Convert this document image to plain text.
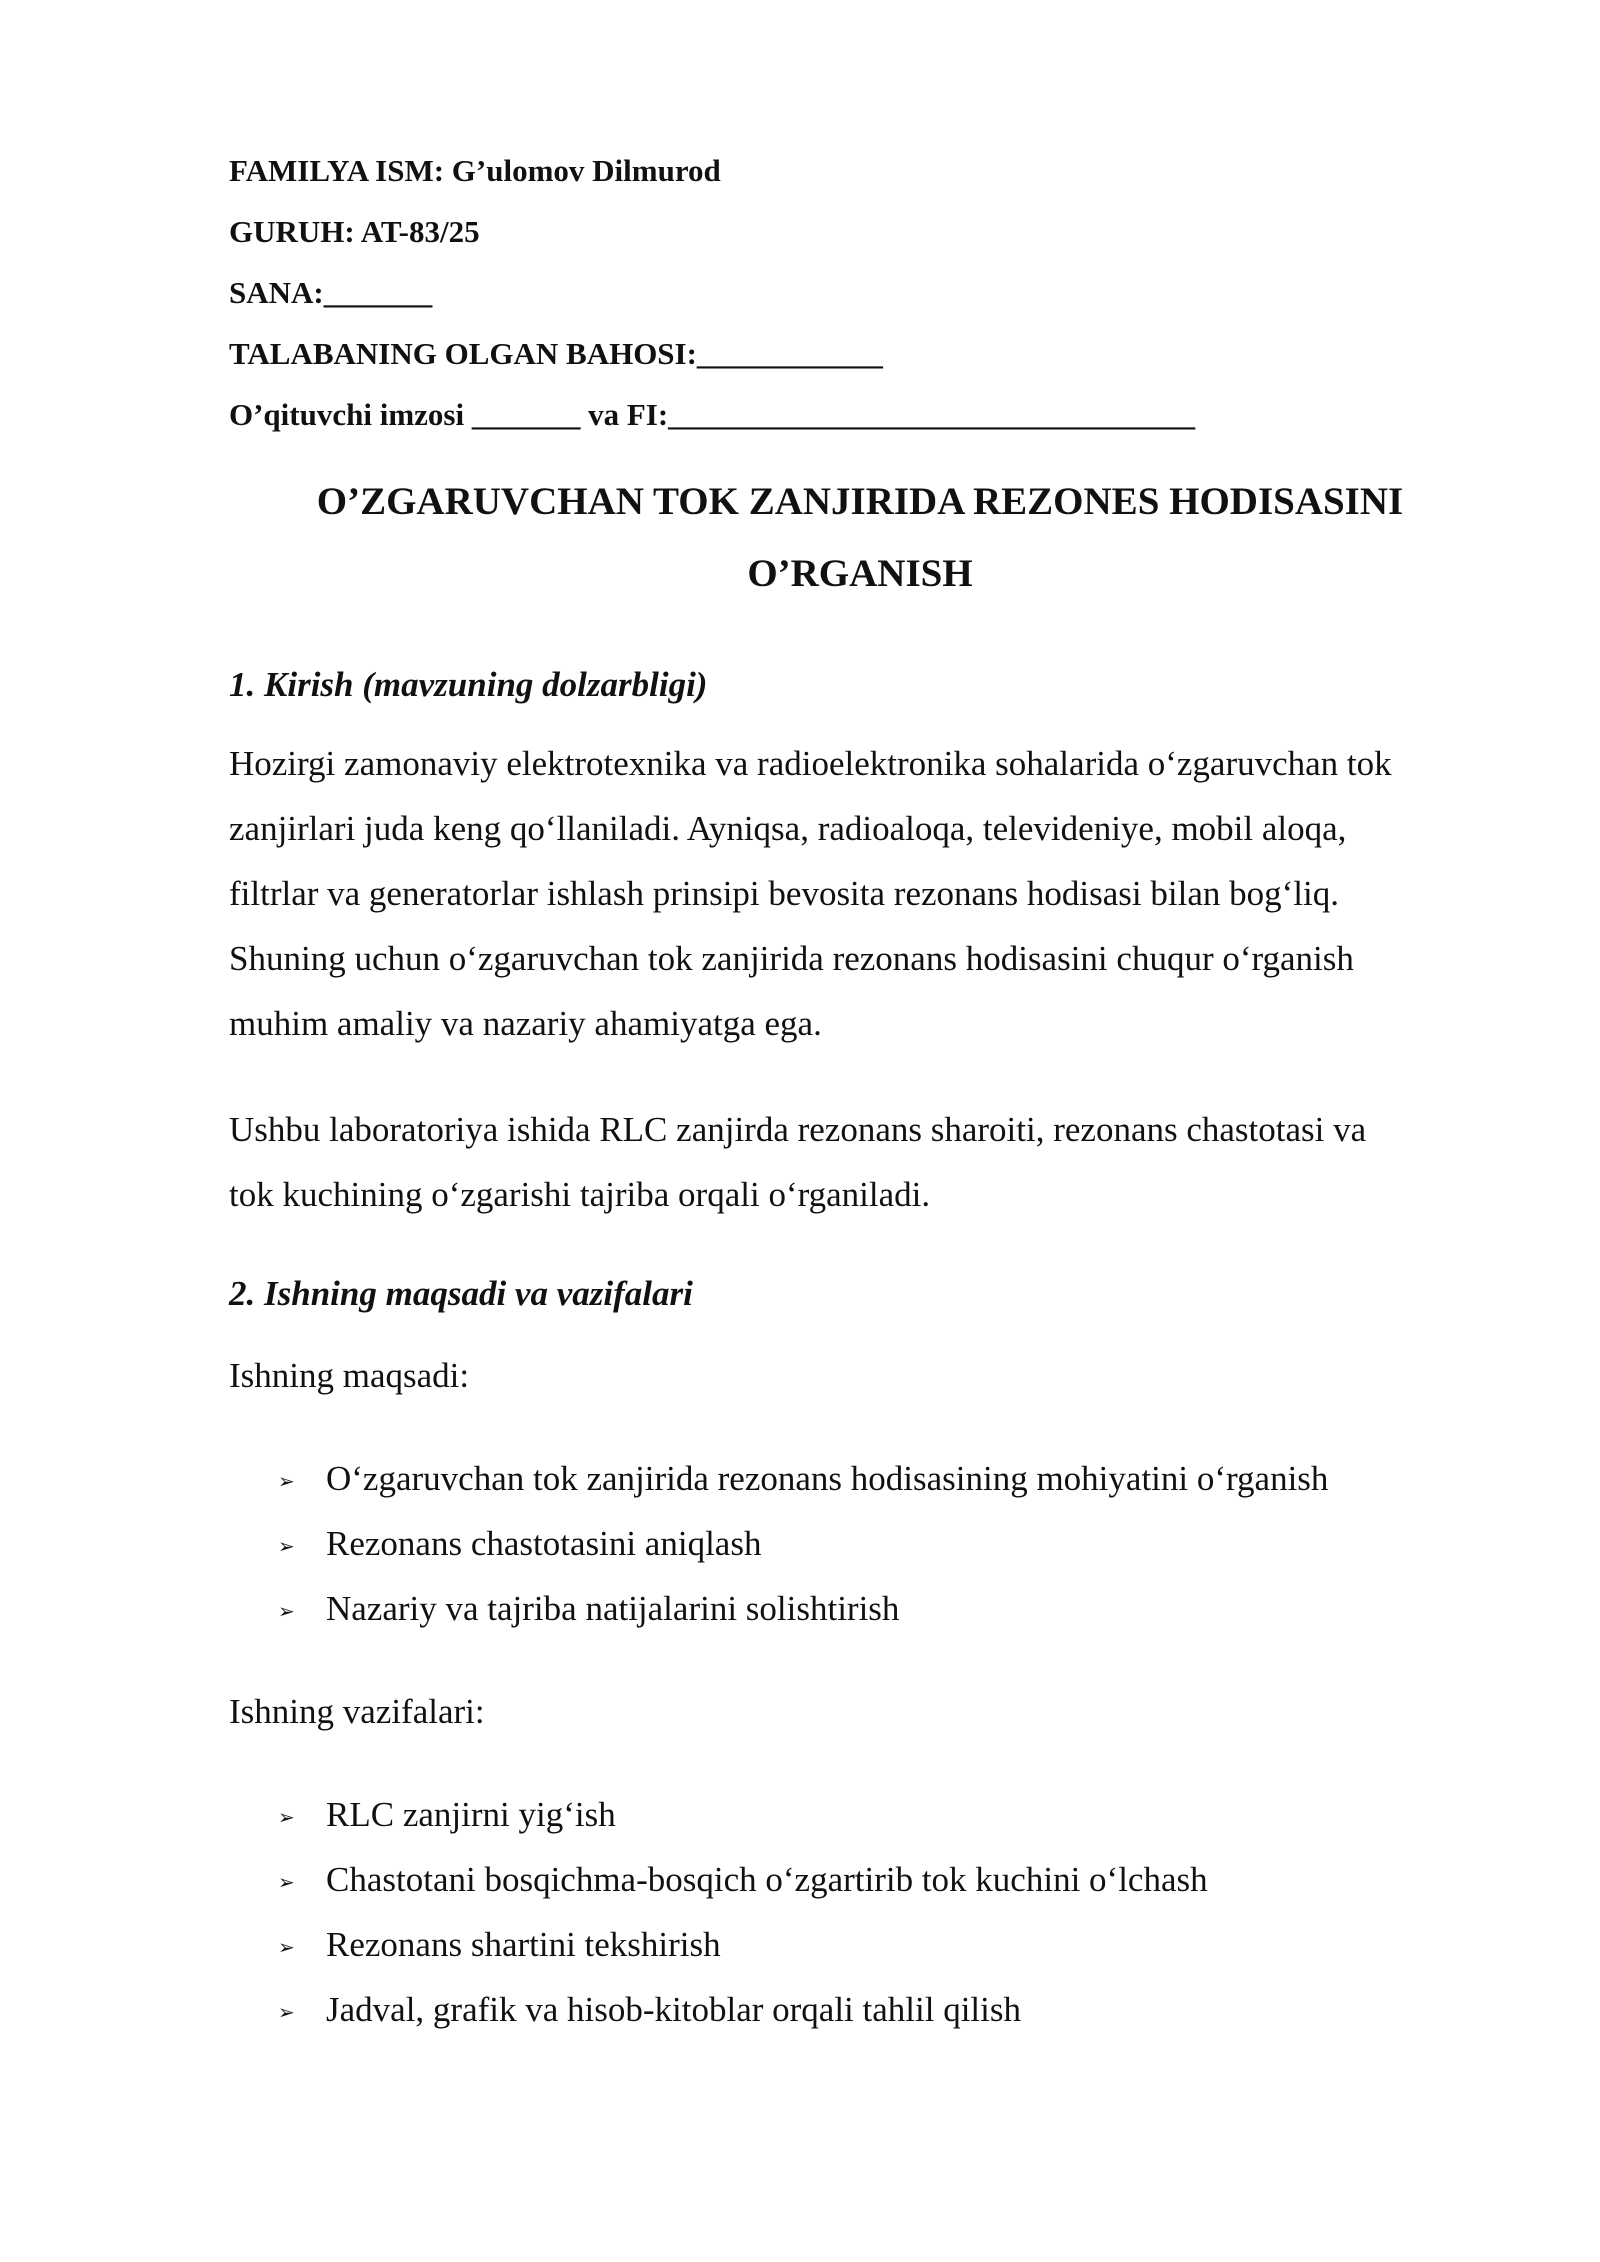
FAMILYA ISM: G’ulomov Dilmurod
GURUH: AT-83/25
SANA:_______
TALABANING OLGAN BAHOSI:____________
O’qituvchi imzosi _______ va FI:__________________________________
O’ZGARUVCHAN TOK ZANJIRIDA REZONES HODISASINI
O’RGANISH
1. Kirish (mavzuning dolzarbligi)
Hozirgi zamonaviy elektrotexnika va radioelektronika sohalarida o‘zgaruvchan tok
zanjirlari juda keng qo‘llaniladi. Ayniqsa, radioaloqa, televideniye, mobil aloqa,
filtrlar va generatorlar ishlash prinsipi bevosita rezonans hodisasi bilan bog‘liq.
Shuning uchun o‘zgaruvchan tok zanjirida rezonans hodisasini chuqur o‘rganish
muhim amaliy va nazariy ahamiyatga ega.
Ushbu laboratoriya ishida RLC zanjirda rezonans sharoiti, rezonans chastotasi va
tok kuchining o‘zgarishi tajriba orqali o‘rganiladi.
2. Ishning maqsadi va vazifalari
Ishning maqsadi:

➢

O‘zgaruvchan tok zanjirida rezonans hodisasining mohiyatini o‘rganish

➢

Rezonans chastotasini aniqlash

➢

Nazariy va tajriba natijalarini solishtirish

Ishning vazifalari:

➢

RLC zanjirni yig‘ish

➢

Chastotani bosqichma-bosqich o‘zgartirib tok kuchini o‘lchash

➢

Rezonans shartini tekshirish

➢

Jadval, grafik va hisob-kitoblar orqali tahlil qilish
